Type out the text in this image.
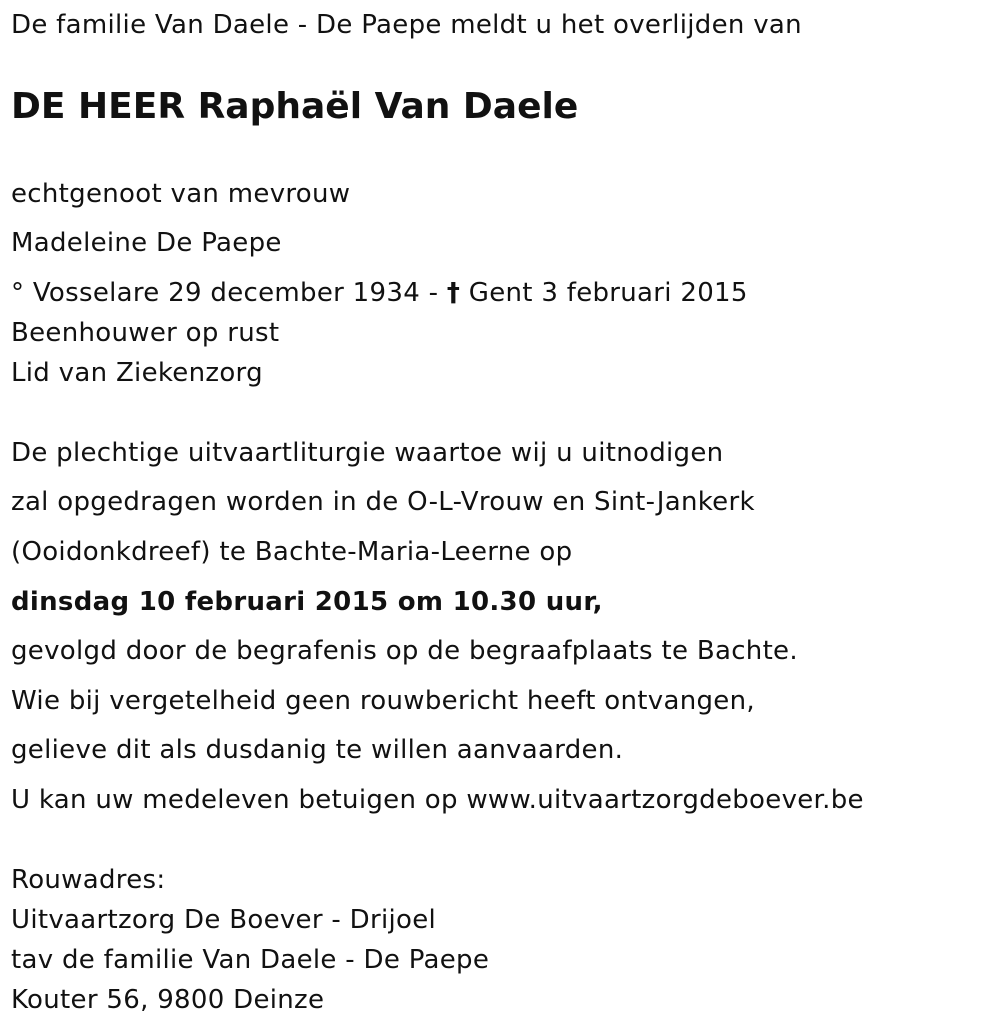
De familie Van Daele - De Paepe meldt u het overlijden van
DE HEER Raphaël Van Daele
echtgenoot van mevrouw
Madeleine De Paepe
° Vosselare 29 december 1934 - † Gent 3 februari 2015
Beenhouwer op rust
Lid van Ziekenzorg
De plechtige uitvaartliturgie waartoe wij u uitnodigen
zal opgedragen worden in de O-L-Vrouw en Sint-Jankerk
(Ooidonkdreef) te Bachte-Maria-Leerne op
dinsdag 10 februari 2015 om 10.30 uur,
gevolgd door de begrafenis op de begraafplaats te Bachte.
Wie bij vergetelheid geen rouwbericht heeft ontvangen,
gelieve dit als dusdanig te willen aanvaarden.
U kan uw medeleven betuigen op www.uitvaartzorgdeboever.be
Rouwadres:
Uitvaartzorg De Boever - Drijoel
tav de familie Van Daele - De Paepe
Kouter 56, 9800 Deinze
